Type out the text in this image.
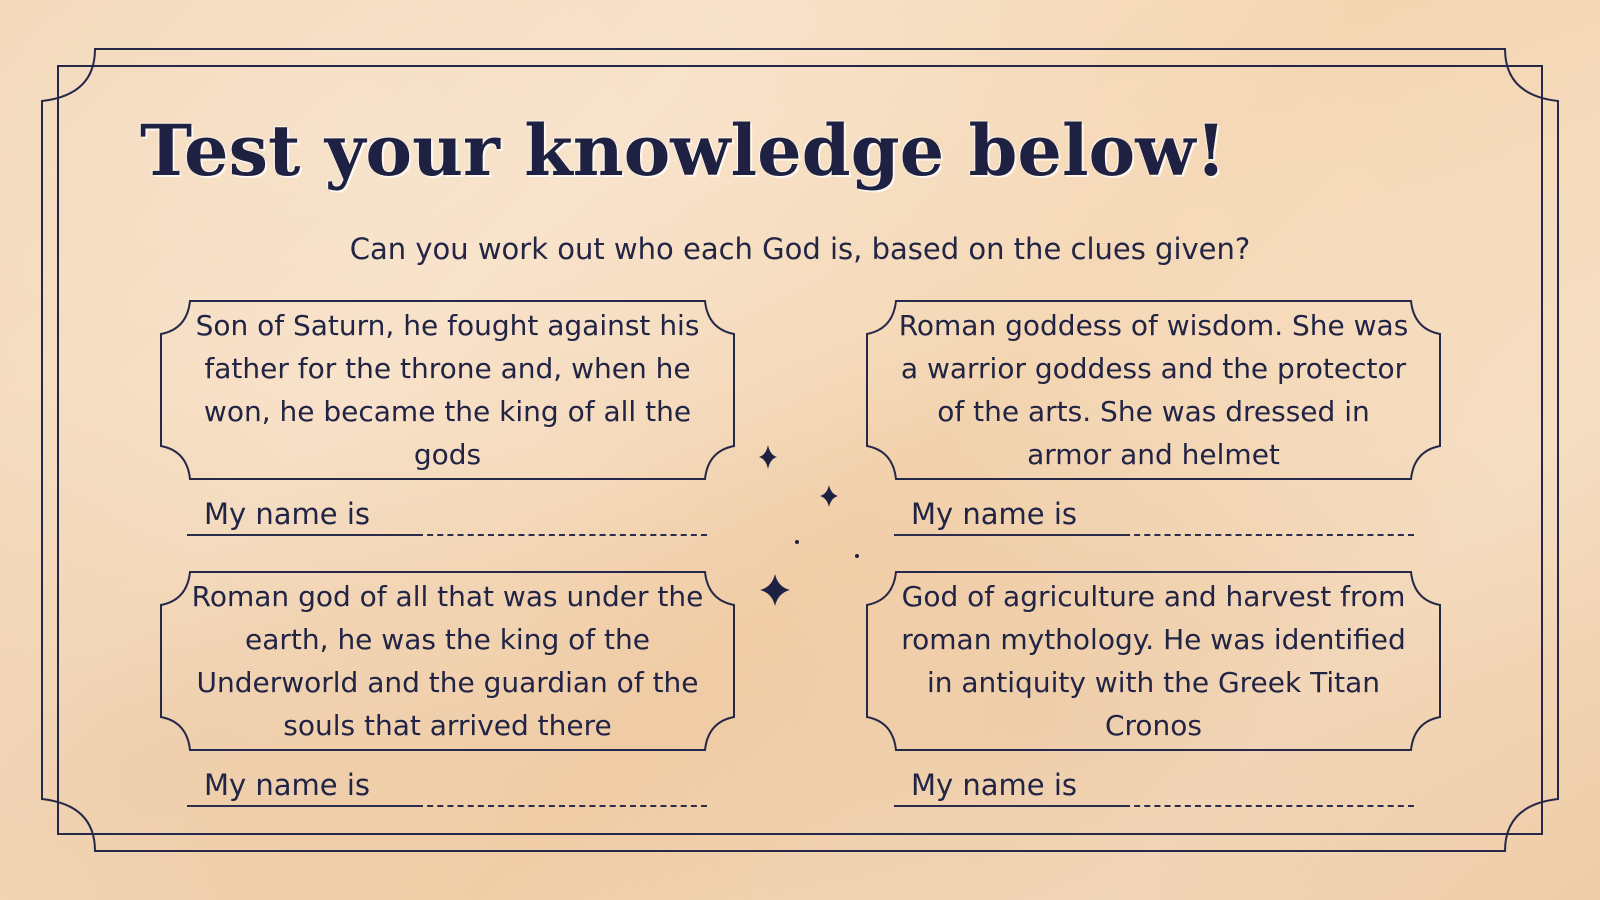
Test your knowledge below!

Can you work out who each God is, based on the clues given?

Son of Saturn, he fought against his father for the throne and, when he won, he became the king of all the gods

Roman goddess of wisdom. She was a warrior goddess and the protector of the arts. She was dressed in armor and helmet

Roman god of all that was under the earth, he was the king of the Underworld and the guardian of the souls that arrived there

God of agriculture and harvest from roman mythology. He was identified in antiquity with the Greek Titan Cronos

My name is	My name is
My name is	My name is
